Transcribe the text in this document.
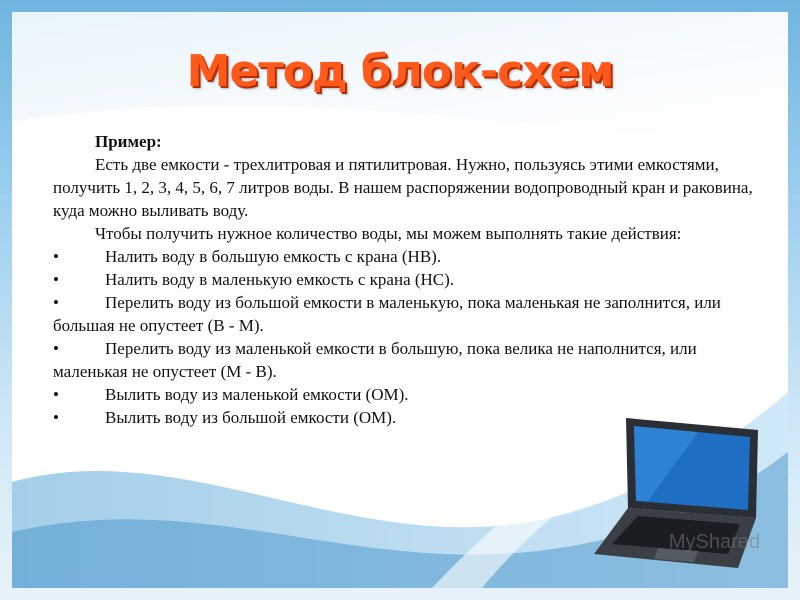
Метод блок-схем

Пример:

Есть две емкости - трехлитровая и пятилитровая. Нужно, пользуясь этими емкостями, получить 1, 2, 3, 4, 5, 6, 7 литров воды. В нашем распоряжении водопроводный кран и раковина, куда можно выливать воду.

Чтобы получить нужное количество воды, мы можем выполнять такие действия:

•	Налить воду в большую емкость с крана (НВ).

•	Налить воду в маленькую емкость с крана (НС).

•	Перелить воду из большой емкости в маленькую, пока маленькая не заполнится, или большая не опустеет (В - М).

•	Перелить воду из маленькой емкости в большую, пока велика не наполнится, или маленькая не опустеет (М - В).

•	Вылить воду из маленькой емкости (ОМ).

•	Вылить воду из большой емкости (ОМ).

MyShared
